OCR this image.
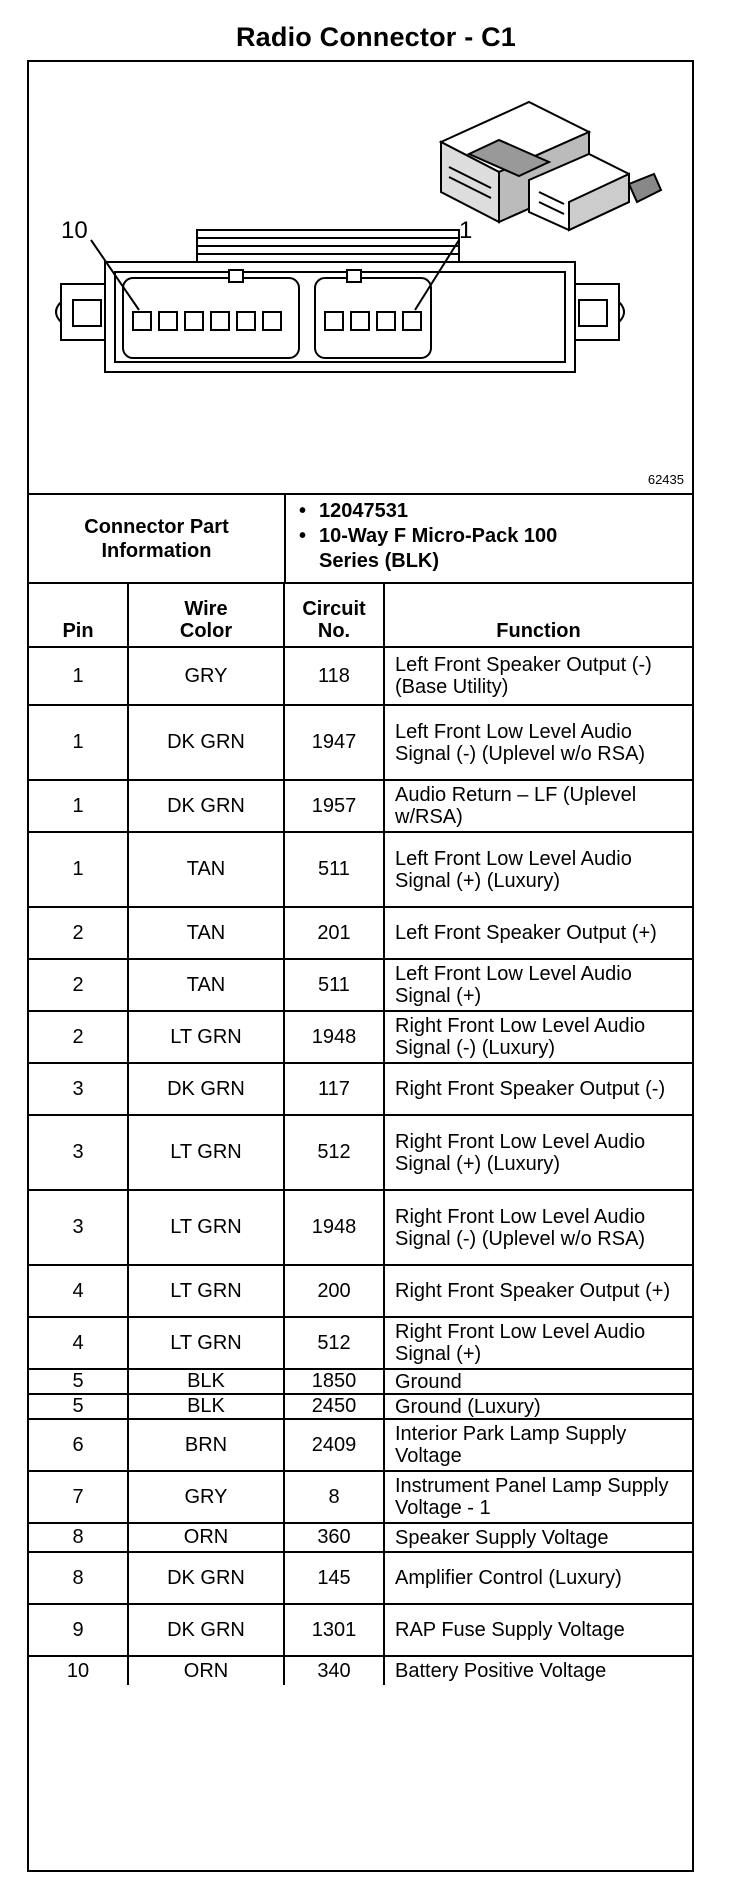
Radio Connector - C1
10	1
62435
Connector Part Information
• 12047531
• 10-Way F Micro-Pack 100 Series (BLK)
Pin	Wire Color	Circuit No.	Function
1	GRY	118	Left Front Speaker Output (-) (Base Utility)
1	DK GRN	1947	Left Front Low Level Audio Signal (-) (Uplevel w/o RSA)
1	DK GRN	1957	Audio Return – LF (Uplevel w/RSA)
1	TAN	511	Left Front Low Level Audio Signal (+) (Luxury)
2	TAN	201	Left Front Speaker Output (+)
2	TAN	511	Left Front Low Level Audio Signal (+)
2	LT GRN	1948	Right Front Low Level Audio Signal (-) (Luxury)
3	DK GRN	117	Right Front Speaker Output (-)
3	LT GRN	512	Right Front Low Level Audio Signal (+) (Luxury)
3	LT GRN	1948	Right Front Low Level Audio Signal (-) (Uplevel w/o RSA)
4	LT GRN	200	Right Front Speaker Output (+)
4	LT GRN	512	Right Front Low Level Audio Signal (+)
5	BLK	1850	Ground
5	BLK	2450	Ground (Luxury)
6	BRN	2409	Interior Park Lamp Supply Voltage
7	GRY	8	Instrument Panel Lamp Supply Voltage - 1
8	ORN	360	Speaker Supply Voltage
8	DK GRN	145	Amplifier Control (Luxury)
9	DK GRN	1301	RAP Fuse Supply Voltage
10	ORN	340	Battery Positive Voltage
